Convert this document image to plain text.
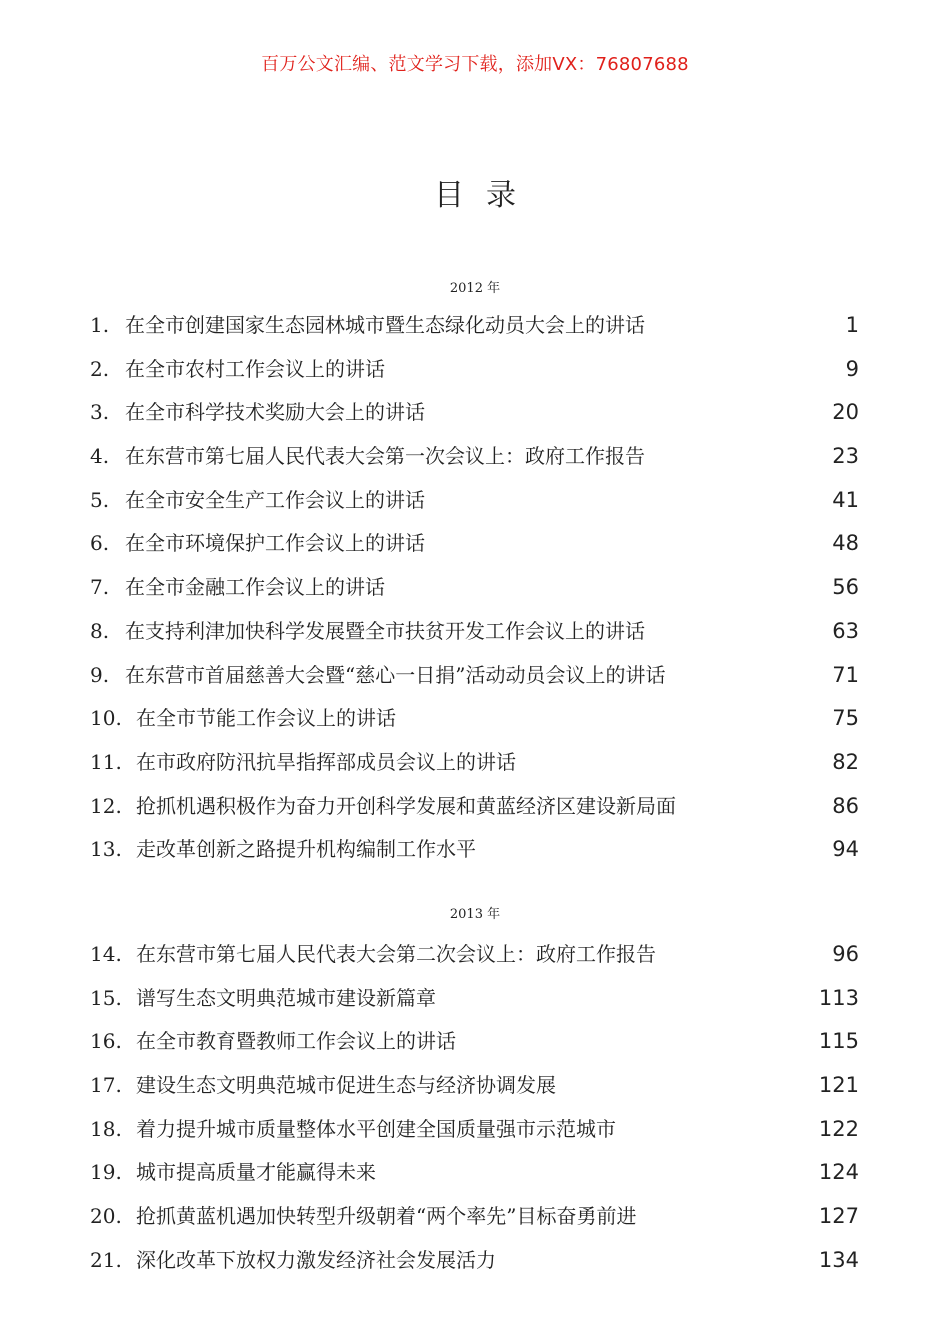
百万公文汇编、范文学习下载，添加VX：76807688
目录
2012 年
1. 在全市创建国家生态园林城市暨生态绿化动员大会上的讲话	1
2. 在全市农村工作会议上的讲话	9
3. 在全市科学技术奖励大会上的讲话	20
4. 在东营市第七届人民代表大会第一次会议上：政府工作报告	23
5. 在全市安全生产工作会议上的讲话	41
6. 在全市环境保护工作会议上的讲话	48
7. 在全市金融工作会议上的讲话	56
8. 在支持利津加快科学发展暨全市扶贫开发工作会议上的讲话	63
9. 在东营市首届慈善大会暨“慈心一日捐”活动动员会议上的讲话	71
10. 在全市节能工作会议上的讲话	75
11. 在市政府防汛抗旱指挥部成员会议上的讲话	82
12. 抢抓机遇积极作为奋力开创科学发展和黄蓝经济区建设新局面	86
13. 走改革创新之路提升机构编制工作水平	94
2013 年
14. 在东营市第七届人民代表大会第二次会议上：政府工作报告	96
15. 谱写生态文明典范城市建设新篇章	113
16. 在全市教育暨教师工作会议上的讲话	115
17. 建设生态文明典范城市促进生态与经济协调发展	121
18. 着力提升城市质量整体水平创建全国质量强市示范城市	122
19. 城市提高质量才能赢得未来	124
20. 抢抓黄蓝机遇加快转型升级朝着“两个率先”目标奋勇前进	127
21. 深化改革下放权力激发经济社会发展活力	134
